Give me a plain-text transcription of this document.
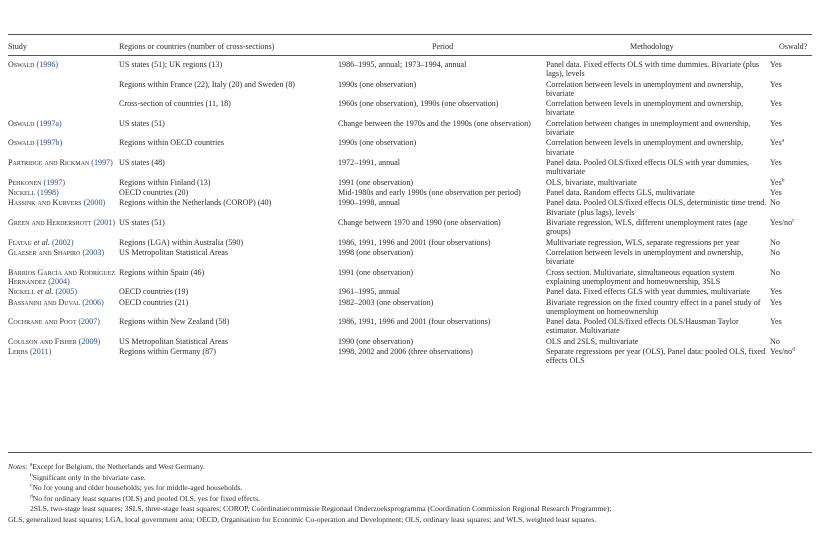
Study	Regions or countries (number of cross-sections)	Period	Methodology	Oswald?
Oswald (1996)	US states (51); UK regions (13)	1986–1995, annual; 1973–1994, annual	Panel data. Fixed effects OLS with time dummies. Bivariate (plus lags), levels	Yes
	Regions within France (22), Italy (20) and Sweden (8)	1990s (one observation)	Correlation between levels in unemployment and ownership, bivariate	Yes
	Cross-section of countries (11, 18)	1960s (one observation), 1990s (one observation)	Correlation between levels in unemployment and ownership, bivariate	Yes
Oswald (1997a)	US states (51)	Change between the 1970s and the 1990s (one observation)	Correlation between changes in unemployment and ownership, bivariate	Yes
Oswald (1997b)	Regions within OECD countries	1990s (one observation)	Correlation between levels in unemployment and ownership, bivariate	Yes$^a$
Partridge and Rickman (1997)	US states (48)	1972–1991, annual	Panel data. Pooled OLS/fixed effects OLS with year dummies, multivariate	Yes
Pehkonen (1997)	Regions within Finland (13)	1991 (one observation)	OLS, bivariate, multivariate	Yes$^b$
Nickell (1998)	OECD countries (20)	Mid-1980s and early 1990s (one observation per period)	Panel data. Random effects GLS, multivariate	Yes
Hassink and Kurvers (2000)	Regions within the Netherlands (COROP) (40)	1990–1998, annual	Panel data. Pooled OLS/fixed effects OLS, deterministic time trend. Bivariate (plus lags), levels	No
Green and Herdershott (2001)	US states (51)	Change between 1970 and 1990 (one observation)	Bivariate regression, WLS, different unemployment rates (age groups)	Yes/$no^c$
Flatau et al. (2002)	Regions (LGA) within Australia (590)	1986, 1991, 1996 and 2001 (four observations)	Multivariate regression, WLS, separate regressions per year	No
Glaeser and Shapiro (2003)	US Metropolitan Statistical Areas	1998 (one observation)	Correlation between levels in unemployment and ownership, bivariate	No
Barrios García and Rodríguez Hernández (2004)	Regions within Spain (46)	1991 (one observation)	Cross section. Multivariate, simultaneous equation system explaining unemployment and homeownership, 3SLS	No
Nickell et al. (2005)	OECD countries (19)	1961–1995, annual	Panel data. Fixed effects GLS with year dummies, multivariate	Yes
Bassanini and Duval (2006)	OECD countries (21)	1982–2003 (one observation)	Bivariate regression on the fixed country effect in a panel study of unemployment on homeownership	Yes
Cochrane and Poot (2007)	Regions within New Zealand (58)	1986, 1991, 1996 and 2001 (four observations)	Panel data. Pooled OLS/fixed effects OLS/Hausman Taylor estimator. Multivariate	Yes
Coulson and Fisher (2009)	US Metropolitan Statistical Areas	1990 (one observation)	OLS and 2SLS, multivariate	No
Lerbs (2011)	Regions within Germany (87)	1998, 2002 and 2006 (three observations)	Separate regressions per year (OLS), Panel data: pooled OLS, fixed effects OLS	Yes/$no^d$
Notes: $^a$Except for Belgium, the Netherlands and West Germany.
$^b$Significant only in the bivariate case.
$^c$No for young and older households; yes for middle-aged households.
$^d$No for ordinary least squares (OLS) and pooled OLS, yes for fixed effects.
2SLS, two-stage least squares; 3SLS, three-stage least squares; COROP, Coördinatiecommissie Regionaal Onderzoeksprogramma (Coordination Commission Regional Research Programme);
GLS, generalized least squares; LGA, local government area; OECD, Organisation for Economic Co-operation and Development; OLS, ordinary least squares; and WLS, weighted least squares.
